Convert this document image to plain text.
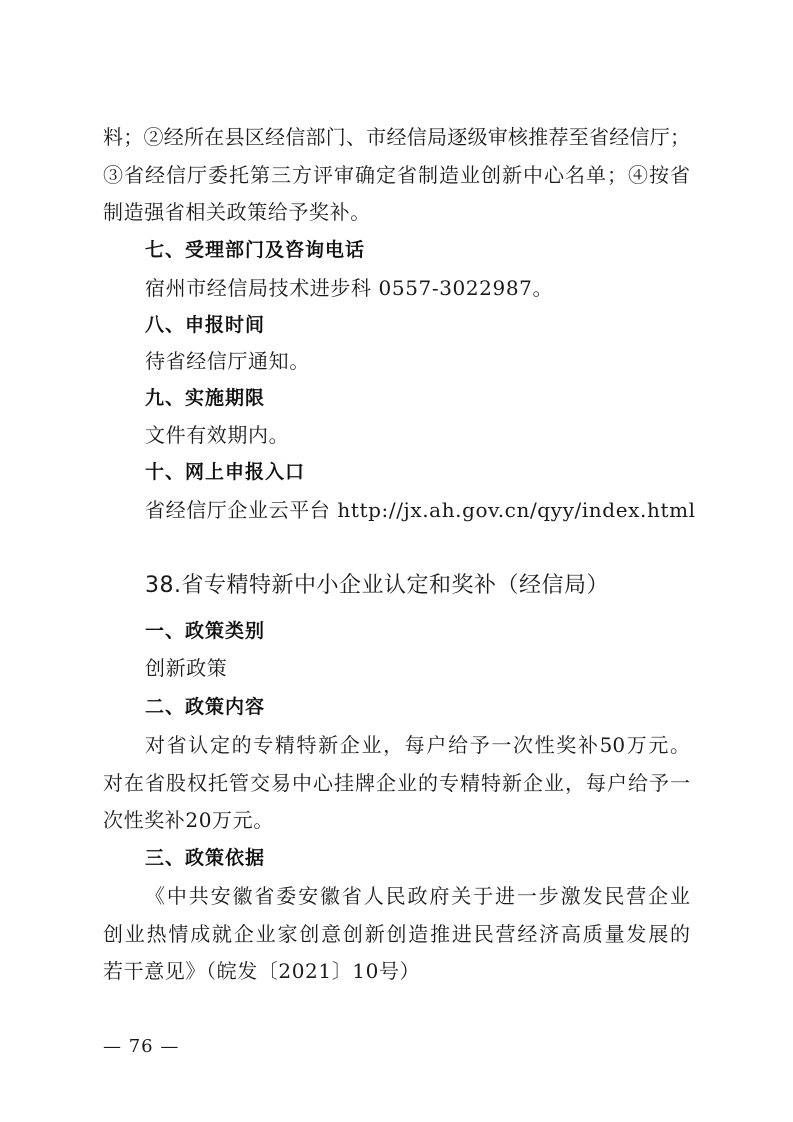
料；②经所在县区经信部门、市经信局逐级审核推荐至省经信厅；
③省经信厅委托第三方评审确定省制造业创新中心名单；④按省
制造强省相关政策给予奖补。
七、受理部门及咨询电话
宿州市经信局技术进步科 0557-3022987。
八、申报时间
待省经信厅通知。
九、实施期限
文件有效期内。
十、网上申报入口
省经信厅企业云平台 http://jx.ah.gov.cn/qyy/index.html
38.省专精特新中小企业认定和奖补（经信局）
一、政策类别
创新政策
二、政策内容
对省认定的专精特新企业，每户给予一次性奖补50万元。
对在省股权托管交易中心挂牌企业的专精特新企业，每户给予一
次性奖补20万元。
三、政策依据
《中共安徽省委安徽省人民政府关于进一步激发民营企业
创业热情成就企业家创意创新创造推进民营经济高质量发展的
若干意见》（皖发〔2021〕10号）
— 76 —
